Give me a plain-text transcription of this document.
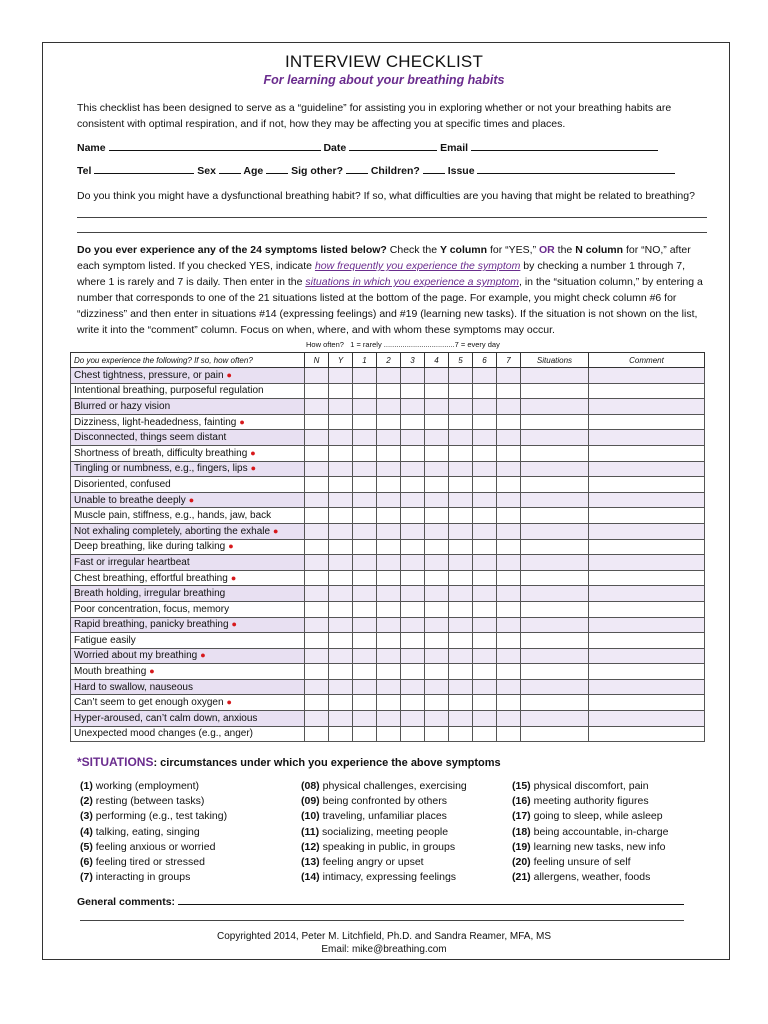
INTERVIEW CHECKLIST
For learning about your breathing habits
This checklist has been designed to serve as a “guideline” for assisting you in exploring whether or not your breathing habits are consistent with optimal respiration, and if not, how they may be affecting you at specific times and places.
Name	Date	Email
Tel	Sex	Age	Sig other?	Children?	Issue
Do you think you might have a dysfunctional breathing habit? If so, what difficulties are you having that might be related to breathing?
Do you ever experience any of the 24 symptoms listed below? Check the Y column for “YES,” OR the N column for “NO,” after each symptom listed. If you checked YES, indicate how frequently you experience the symptom by checking a number 1 through 7, where 1 is rarely and 7 is daily. Then enter in the situations in which you experience a symptom, in the “situation column,” by entering a number that corresponds to one of the 21 situations listed at the bottom of the page. For example, you might check column #6 for “dizziness” and then enter in situations #14 (expressing feelings) and #19 (learning new tasks). If the situation is not shown on the list, write it into the “comment” column. Focus on when, where, and with whom these symptoms may occur.
How often? 1 = rarely ..................................7 = every day
Do you experience the following? If so, how often?	N	Y	1	2	3	4	5	6	7	Situations	Comment
Chest tightness, pressure, or pain ●											
Intentional breathing, purposeful regulation											
Blurred or hazy vision											
Dizziness, light-headedness, fainting ●											
Disconnected, things seem distant											
Shortness of breath, difficulty breathing ●											
Tingling or numbness, e.g., fingers, lips ●											
Disoriented, confused											
Unable to breathe deeply ●											
Muscle pain, stiffness, e.g., hands, jaw, back											
Not exhaling completely, aborting the exhale ●											
Deep breathing, like during talking ●											
Fast or irregular heartbeat											
Chest breathing, effortful breathing ●											
Breath holding, irregular breathing											
Poor concentration, focus, memory											
Rapid breathing, panicky breathing ●											
Fatigue easily											
Worried about my breathing ●											
Mouth breathing ●											
Hard to swallow, nauseous											
Can’t seem to get enough oxygen ●											
Hyper-aroused, can’t calm down, anxious											
Unexpected mood changes (e.g., anger)											
*SITUATIONS: circumstances under which you experience the above symptoms
(1) working (employment)
(2) resting (between tasks)
(3) performing (e.g., test taking)
(4) talking, eating, singing
(5) feeling anxious or worried
(6) feeling tired or stressed
(7) interacting in groups
(08) physical challenges, exercising
(09) being confronted by others
(10) traveling, unfamiliar places
(11) socializing, meeting people
(12) speaking in public, in groups
(13) feeling angry or upset
(14) intimacy, expressing feelings
(15) physical discomfort, pain
(16) meeting authority figures
(17) going to sleep, while asleep
(18) being accountable, in-charge
(19) learning new tasks, new info
(20) feeling unsure of self
(21) allergens, weather, foods
General comments:
Copyrighted 2014, Peter M. Litchfield, Ph.D. and Sandra Reamer, MFA, MS
Email: mike@breathing.com
